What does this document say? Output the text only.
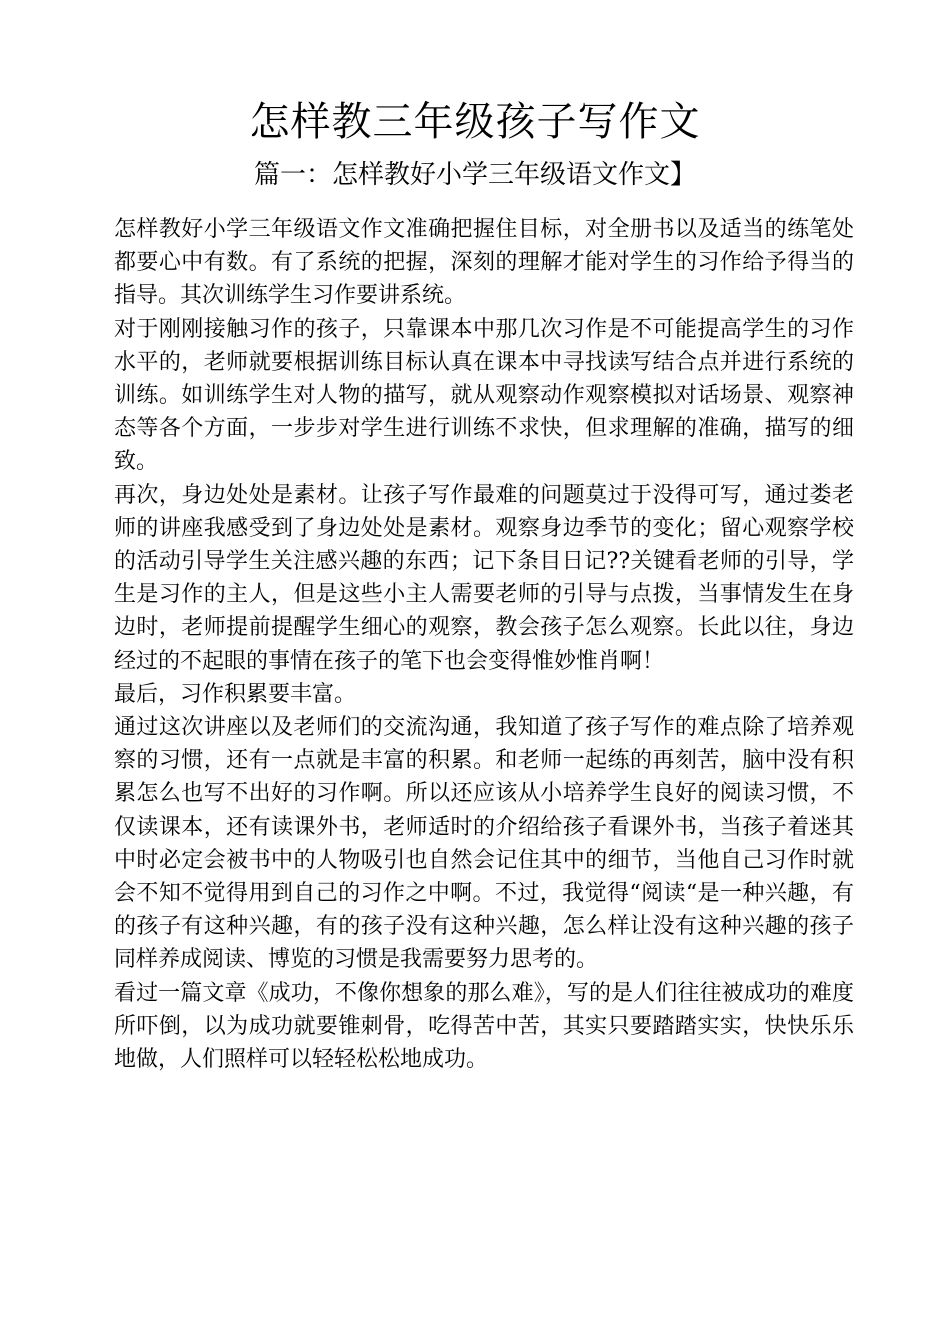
怎样教三年级孩子写作文
篇一：怎样教好小学三年级语文作文】

怎样教好小学三年级语文作文准确把握住目标，对全册书以及适当的练笔处都要心中有数。有了系统的把握，深刻的理解才能对学生的习作给予得当的指导。其次训练学生习作要讲系统。

对于刚刚接触习作的孩子，只靠课本中那几次习作是不可能提高学生的习作水平的，老师就要根据训练目标认真在课本中寻找读写结合点并进行系统的训练。如训练学生对人物的描写，就从观察动作观察模拟对话场景、观察神态等各个方面，一步步对学生进行训练不求快，但求理解的准确，描写的细致。

再次，身边处处是素材。让孩子写作最难的问题莫过于没得可写，通过娄老师的讲座我感受到了身边处处是素材。观察身边季节的变化；留心观察学校的活动引导学生关注感兴趣的东西；记下条目日记??关键看老师的引导，学生是习作的主人，但是这些小主人需要老师的引导与点拨，当事情发生在身边时，老师提前提醒学生细心的观察，教会孩子怎么观察。长此以往，身边经过的不起眼的事情在孩子的笔下也会变得惟妙惟肖啊！

最后，习作积累要丰富。

通过这次讲座以及老师们的交流沟通，我知道了孩子写作的难点除了培养观察的习惯，还有一点就是丰富的积累。和老师一起练的再刻苦，脑中没有积累怎么也写不出好的习作啊。所以还应该从小培养学生良好的阅读习惯，不仅读课本，还有读课外书，老师适时的介绍给孩子看课外书，当孩子着迷其中时必定会被书中的人物吸引也自然会记住其中的细节，当他自己习作时就会不知不觉得用到自己的习作之中啊。不过，我觉得“阅读“是一种兴趣，有的孩子有这种兴趣，有的孩子没有这种兴趣，怎么样让没有这种兴趣的孩子同样养成阅读、博览的习惯是我需要努力思考的。

看过一篇文章《成功，不像你想象的那么难》，写的是人们往往被成功的难度所吓倒，以为成功就要锥刺骨，吃得苦中苦，其实只要踏踏实实，快快乐乐地做，人们照样可以轻轻松松地成功。
